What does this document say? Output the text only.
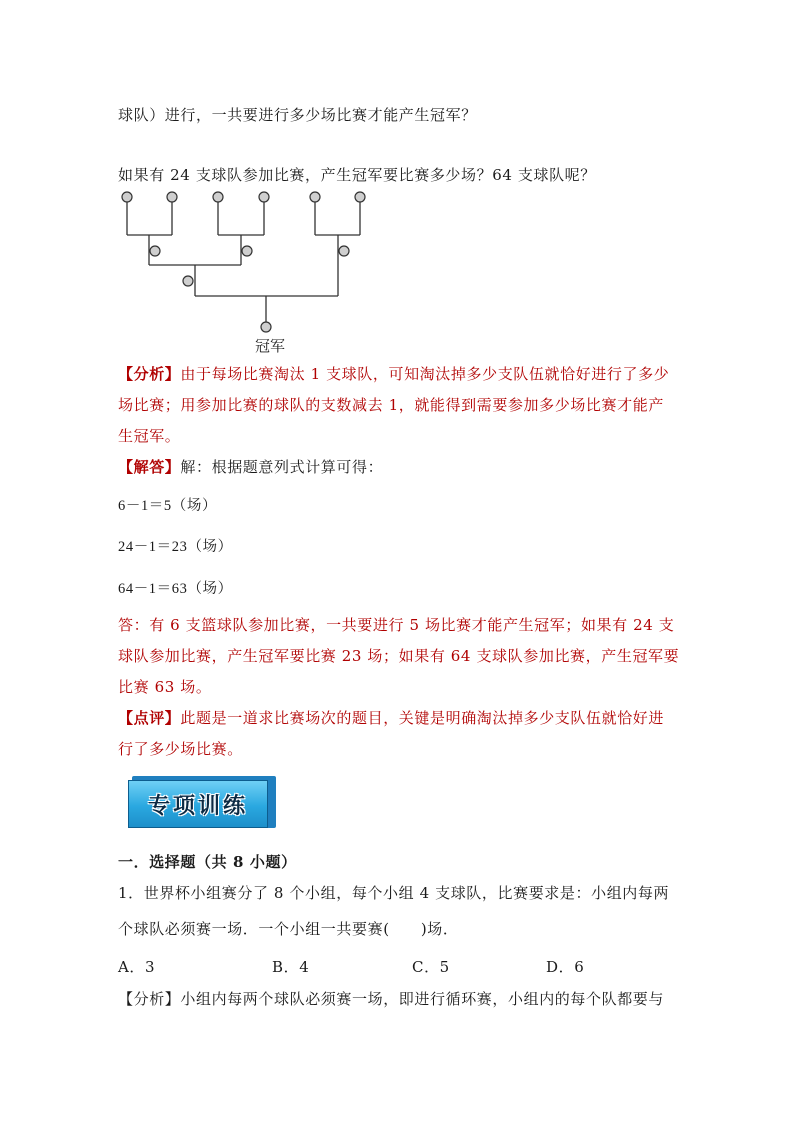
球队）进行，一共要进行多少场比赛才能产生冠军？
如果有 24 支球队参加比赛，产生冠军要比赛多少场？64 支球队呢？
冠军
【分析】由于每场比赛淘汰 1 支球队，可知淘汰掉多少支队伍就恰好进行了多少
场比赛；用参加比赛的球队的支数减去 1，就能得到需要参加多少场比赛才能产
生冠军。
【解答】解：根据题意列式计算可得：
6－1＝5（场）
24－1＝23（场）
64－1＝63（场）
答：有 6 支篮球队参加比赛，一共要进行 5 场比赛才能产生冠军；如果有 24 支
球队参加比赛，产生冠军要比赛 23 场；如果有 64 支球队参加比赛，产生冠军要
比赛 63 场。
【点评】此题是一道求比赛场次的题目，关键是明确淘汰掉多少支队伍就恰好进
行了多少场比赛。
专项训练
一．选择题（共 8 小题）
1．世界杯小组赛分了 8 个小组，每个小组 4 支球队，比赛要求是：小组内每两
个球队必须赛一场．一个小组一共要赛(　　)场．
A．3	B．4	C．5	D．6
【分析】小组内每两个球队必须赛一场，即进行循环赛，小组内的每个队都要与
